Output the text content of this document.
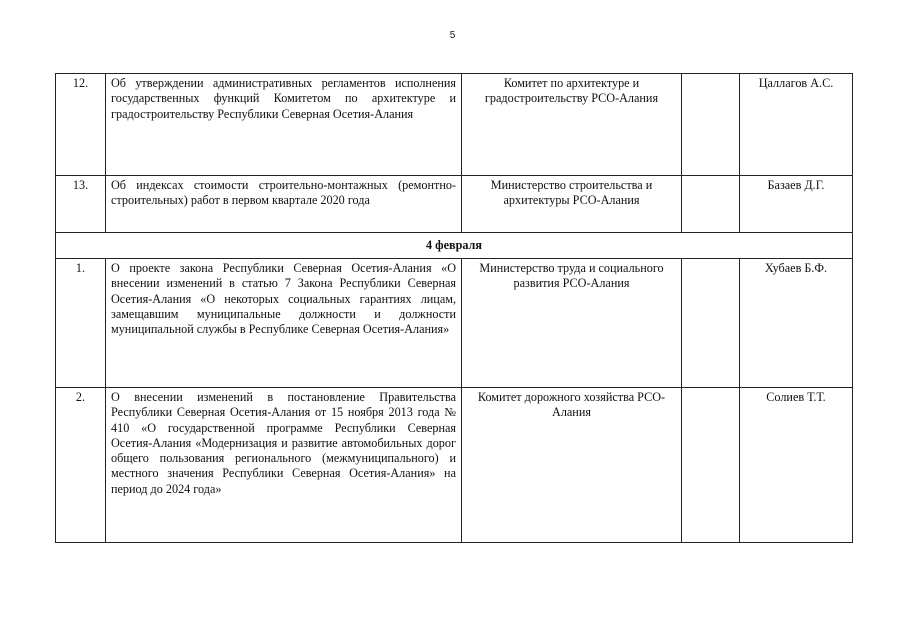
5
12.	Об утверждении административных регламентов исполнения государственных функций Комитетом по архитектуре и градостроительству Республики Северная Осетия-Алания	Комитет по архитектуре и градостроительству РСО-Алания		Цаллагов А.С.
13.	Об индексах стоимости строительно-монтажных (ремонтно-строительных) работ в первом квартале 2020 года	Министерство строительства и архитектуры РСО-Алания		Базаев Д.Г.
4 февраля				
1.	О проекте закона Республики Северная Осетия-Алания «О внесении изменений в статью 7 Закона Республики Северная Осетия-Алания «О некоторых социальных гарантиях лицам, замещавшим муниципальные должности и должности муниципальной службы в Республике Северная Осетия-Алания»	Министерство труда и социального развития РСО-Алания		Хубаев Б.Ф.
2.	О внесении изменений в постановление Правительства Республики Северная Осетия-Алания от 15 ноября 2013 года № 410 «О государственной программе Республики Северная Осетия-Алания «Модернизация и развитие автомобильных дорог общего пользования регионального (межмуниципального) и местного значения Республики Северная Осетия-Алания» на период до 2024 года»	Комитет дорожного хозяйства РСО-Алания		Солиев Т.Т.
